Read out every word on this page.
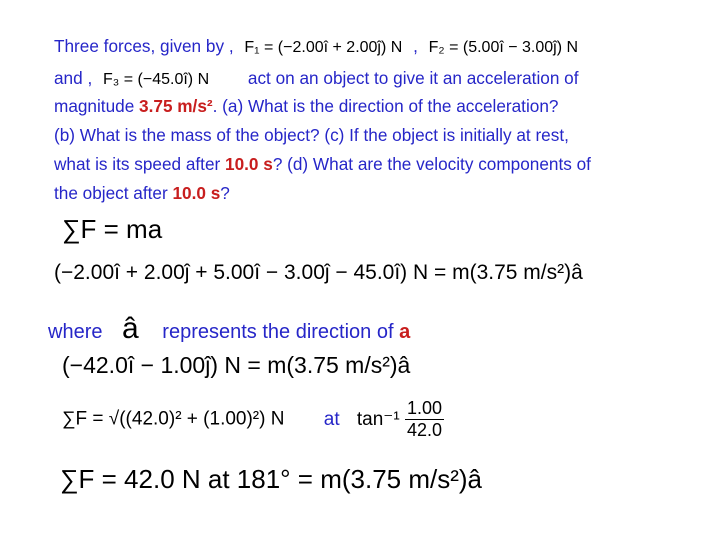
Three forces, given by , F₁ = (−2.00î + 2.00ĵ) N , F₂ = (5.00î − 3.00ĵ) N
and , F₃ = (−45.0î) N act on an object to give it an acceleration of
magnitude 3.75 m/s². (a) What is the direction of the acceleration?
(b) What is the mass of the object? (c) If the object is initially at rest,
what is its speed after 10.0 s? (d) What are the velocity components of
the object after 10.0 s?
∑F = ma
(−2.00î + 2.00ĵ + 5.00î − 3.00ĵ − 45.0î) N = m(3.75 m/s²)â
where â represents the direction of a
(−42.0î − 1.00ĵ) N = m(3.75 m/s²)â
∑F = √((42.0)² + (1.00)²) N at $\tan^{-1} \frac{1.00}{42.0}$
∑F = 42.0 N at 181° = m(3.75 m/s²)â
